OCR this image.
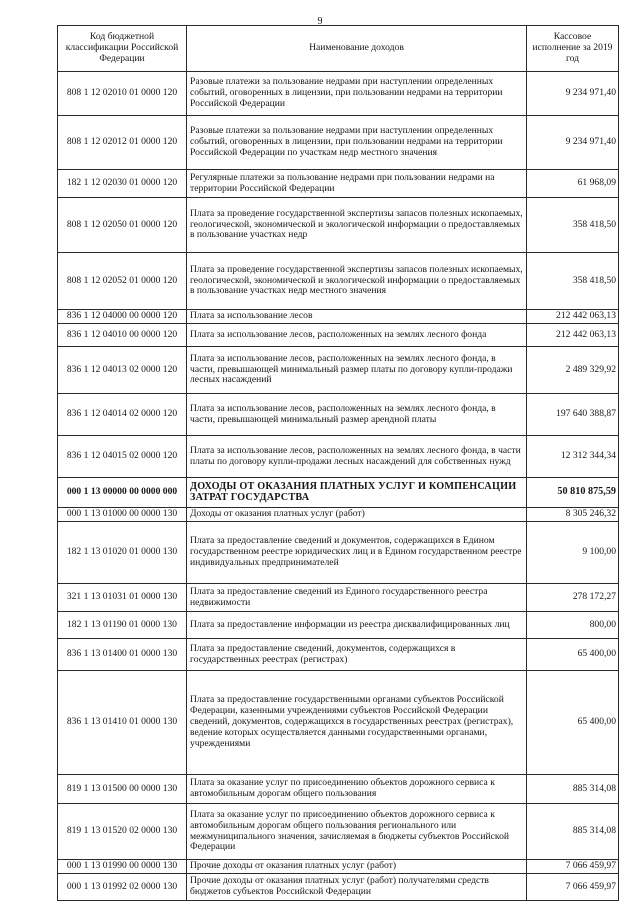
9
Код бюджетной классификации Российской Федерации	Наименование доходов	Кассовое исполнение за 2019 год
808 1 12 02010 01 0000 120	Разовые платежи за пользование недрами при наступлении определенных событий, оговоренных в лицензии, при пользовании недрами на территории Российской Федерации	9 234 971,40
808 1 12 02012 01 0000 120	Разовые платежи за пользование недрами при наступлении определенных событий, оговоренных в лицензии, при пользовании недрами на территории Российской Федерации по участкам недр местного значения	9 234 971,40
182 1 12 02030 01 0000 120	Регулярные платежи за пользование недрами при пользовании недрами на территории Российской Федерации	61 968,09
808 1 12 02050 01 0000 120	Плата за проведение государственной экспертизы запасов полезных ископаемых, геологической, экономической и экологической информации о предоставляемых в пользование участках недр	358 418,50
808 1 12 02052 01 0000 120	Плата за проведение государственной экспертизы запасов полезных ископаемых, геологической, экономической и экологической информации о предоставляемых в пользование участках недр местного значения	358 418,50
836 1 12 04000 00 0000 120	Плата за использование лесов	212 442 063,13
836 1 12 04010 00 0000 120	Плата за использование лесов, расположенных на землях лесного фонда	212 442 063,13
836 1 12 04013 02 0000 120	Плата за использование лесов, расположенных на землях лесного фонда, в части, превышающей минимальный размер платы по договору купли-продажи лесных насаждений	2 489 329,92
836 1 12 04014 02 0000 120	Плата за использование лесов, расположенных на землях лесного фонда, в части, превышающей минимальный размер арендной платы	197 640 388,87
836 1 12 04015 02 0000 120	Плата за использование лесов, расположенных на землях лесного фонда, в части платы по договору купли-продажи лесных насаждений для собственных нужд	12 312 344,34
000 1 13 00000 00 0000 000	ДОХОДЫ ОТ ОКАЗАНИЯ ПЛАТНЫХ УСЛУГ И КОМПЕНСАЦИИ ЗАТРАТ ГОСУДАРСТВА	50 810 875,59
000 1 13 01000 00 0000 130	Доходы от оказания платных услуг (работ)	8 305 246,32
182 1 13 01020 01 0000 130	Плата за предоставление сведений и документов, содержащихся в Едином государственном реестре юридических лиц и в Едином государственном реестре индивидуальных предпринимателей	9 100,00
321 1 13 01031 01 0000 130	Плата за предоставление сведений из Единого государственного реестра недвижимости	278 172,27
182 1 13 01190 01 0000 130	Плата за предоставление информации из реестра дисквалифицированных лиц	800,00
836 1 13 01400 01 0000 130	Плата за предоставление сведений, документов, содержащихся в государственных реестрах (регистрах)	65 400,00
836 1 13 01410 01 0000 130	Плата за предоставление государственными органами субъектов Российской Федерации, казенными учреждениями субъектов Российской Федерации сведений, документов, содержащихся в государственных реестрах (регистрах), ведение которых осуществляется данными государственными органами, учреждениями	65 400,00
819 1 13 01500 00 0000 130	Плата за оказание услуг по присоединению объектов дорожного сервиса к автомобильным дорогам общего пользования	885 314,08
819 1 13 01520 02 0000 130	Плата за оказание услуг по присоединению объектов дорожного сервиса к автомобильным дорогам общего пользования регионального или межмуниципального значения, зачисляемая в бюджеты субъектов Российской Федерации	885 314,08
000 1 13 01990 00 0000 130	Прочие доходы от оказания платных услуг (работ)	7 066 459,97
000 1 13 01992 02 0000 130	Прочие доходы от оказания платных услуг (работ) получателями средств бюджетов субъектов Российской Федерации	7 066 459,97
